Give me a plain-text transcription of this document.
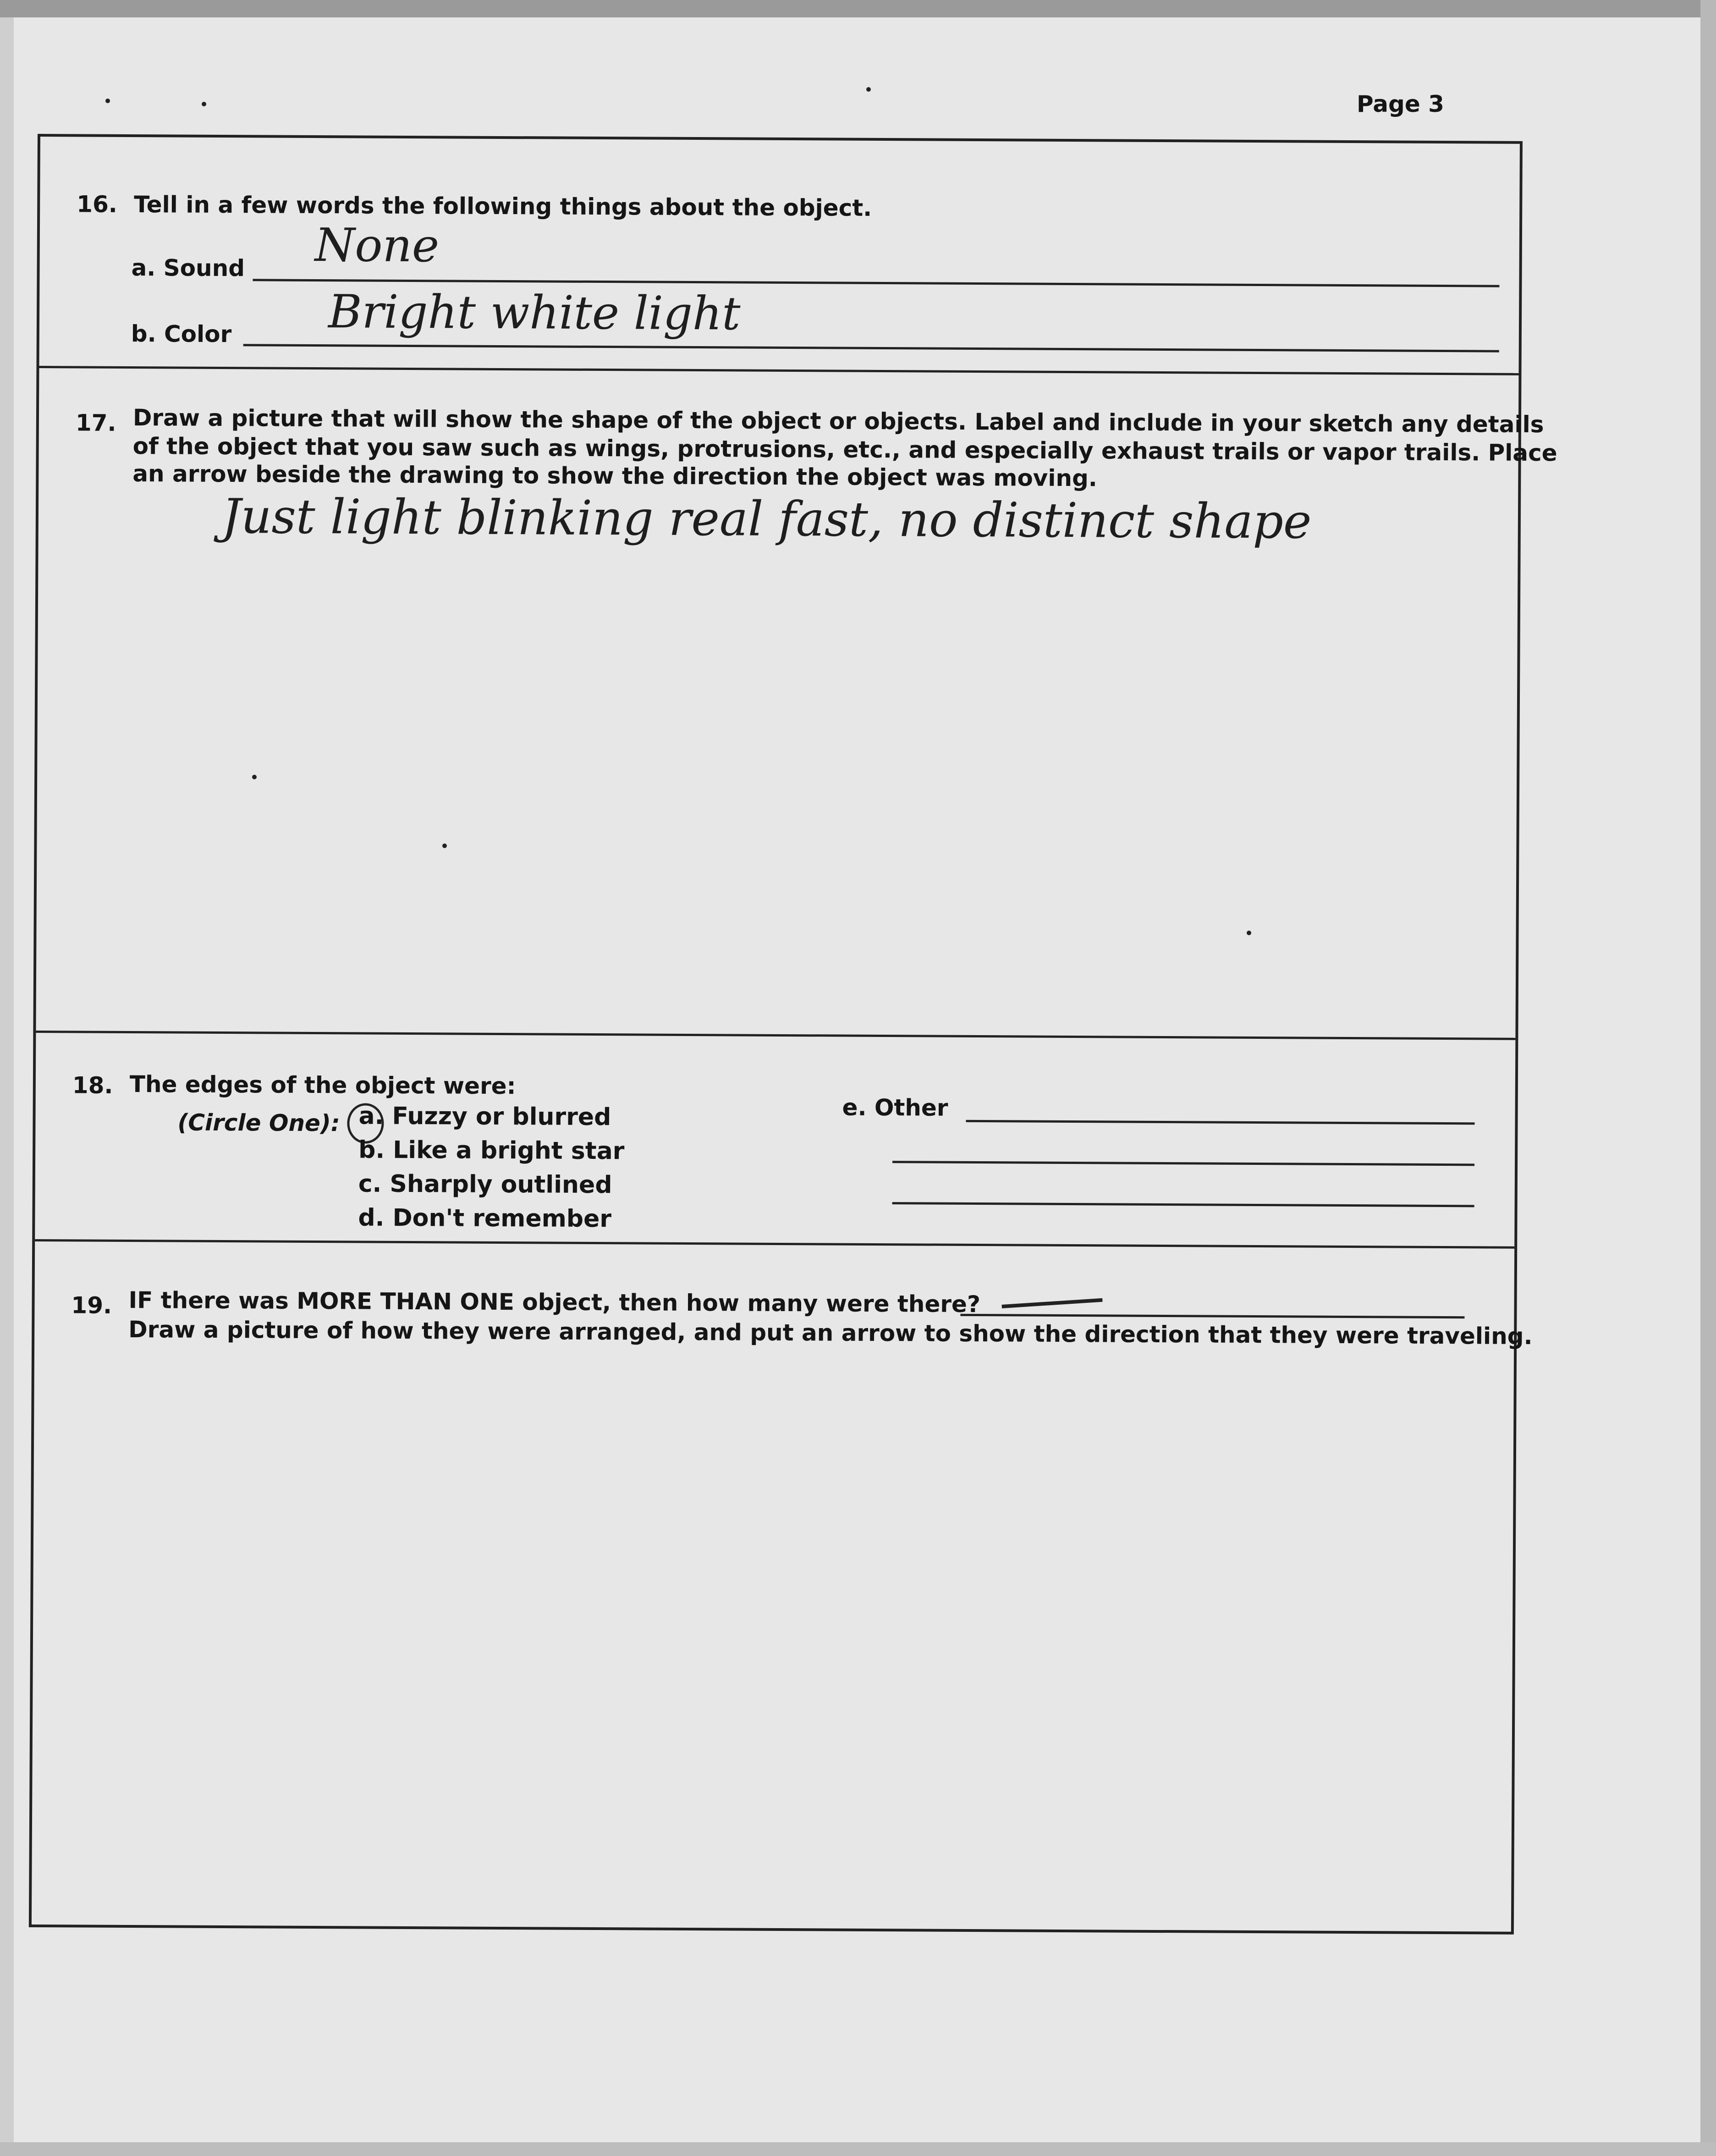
Page 3
16. Tell in a few words the following things about the object.
a. Sound None
b. Color Bright white light
17. Draw a picture that will show the shape of the object or objects. Label and include in your sketch any details
of the object that you saw such as wings, protrusions, etc., and especially exhaust trails or vapor trails. Place
an arrow beside the drawing to show the direction the object was moving.
Just light blinking real fast, no distinct shape
18. The edges of the object were:
(Circle One): a. Fuzzy or blurred
b. Like a bright star
c. Sharply outlined
d. Don't remember
e. Other
19. IF there was MORE THAN ONE object, then how many were there?
Draw a picture of how they were arranged, and put an arrow to show the direction that they were traveling.
